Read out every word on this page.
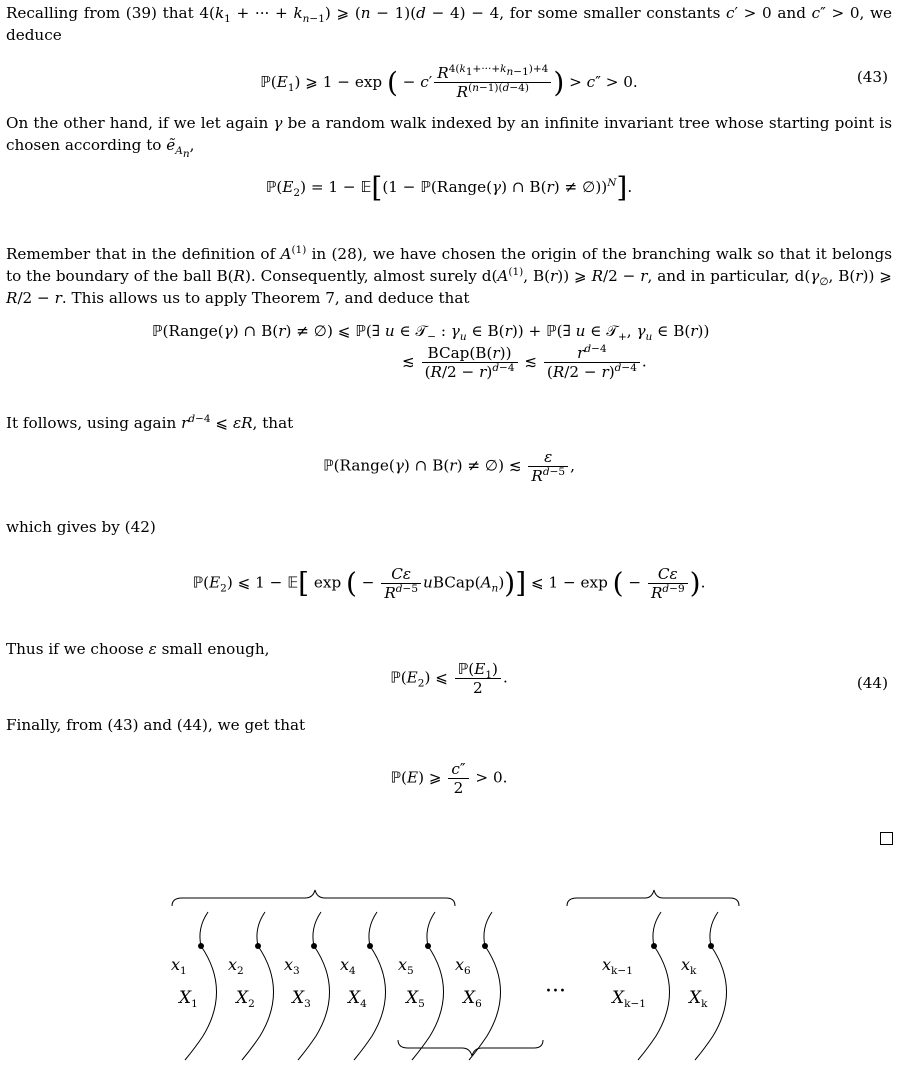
Recalling from (39) that $4(k_1$ + ··· + $k_{n-1}$) ⩾ (n − 1)(d − 4) − 4, for some smaller constants c′ > 0 and c″ > 0, we deduce

$ℙ(E_1)$ ⩾ 1 − exp ( − $c' \frac{R^{4(k_1+\cdot\cdot\cdot+k_{n-1})+4}}{R^{(n-1)(d-4)}}$ ) > c″ > 0.	(43)

On the other hand, if we let again γ be a random walk indexed by an infinite invariant tree whose starting point is chosen according to ẽ$_{A_n}$,

$ℙ(E_2) = 1$ − 𝔼[(1 − ℙ(Range(γ) ∩ B(r) ≠ ∅))$^N$].

Remember that in the definition of $A^{(1)}$ in (28), we have chosen the origin of the branching walk so that it belongs to the boundary of the ball B(R). Consequently, almost surely $d(A^{(1)}$, B(r)) ⩾ R/2 − r, and in particular, $d(\gamma_\emptyset$, B(r)) ⩾ R/2 − r. This allows us to apply Theorem 7, and deduce that

ℙ(Range(γ) ∩ B(r) ≠ ∅) ⩽ ℙ(∃ u ∈ 𝒯$_-$ : $\gamma_u$ ∈ B(r)) + ℙ(∃ u ∈ 𝒯$_+$, $\gamma_u$ ∈ B(r))
≲ $\frac{\text{BCap(B(r))}}{(R/2 - r)^{d-4}}$ ≲ $\frac{r^{d-4}}{(R/2 - r)^{d-4}}$ .

It follows, using again $r^{d-4}$ ⩽ εR, that

ℙ(Range(γ) ∩ B(r) ≠ ∅) ≲ $\frac{\varepsilon}{R^{d-5}}$ ,

which gives by (42)

$ℙ(E_2)$ ⩽ 1 − 𝔼[ exp ( − $\frac{C\varepsilon}{R^{d-5}}$ $uBCap(A_n)$)] ⩽ 1 − exp ( − $\frac{C\varepsilon}{R^{d-9}}$ ).

Thus if we choose ε small enough,

$ℙ(E_2)$ ⩽ $\frac{ℙ(E_1)}{2}$ .	(44)

Finally, from (43) and (44), we get that

ℙ(E) ⩾ $\frac{c''}{2} > 0$.
$x_1$
$X_1$
$x_2$
$X_2$
$x_3$
$X_3$
$x_4$
$X_4$
$x_5$
$X_5$
$x_6$
$X_6$
$x_{k-1}$
$X_{k-1}$
$x_k$
$X_k$
···
